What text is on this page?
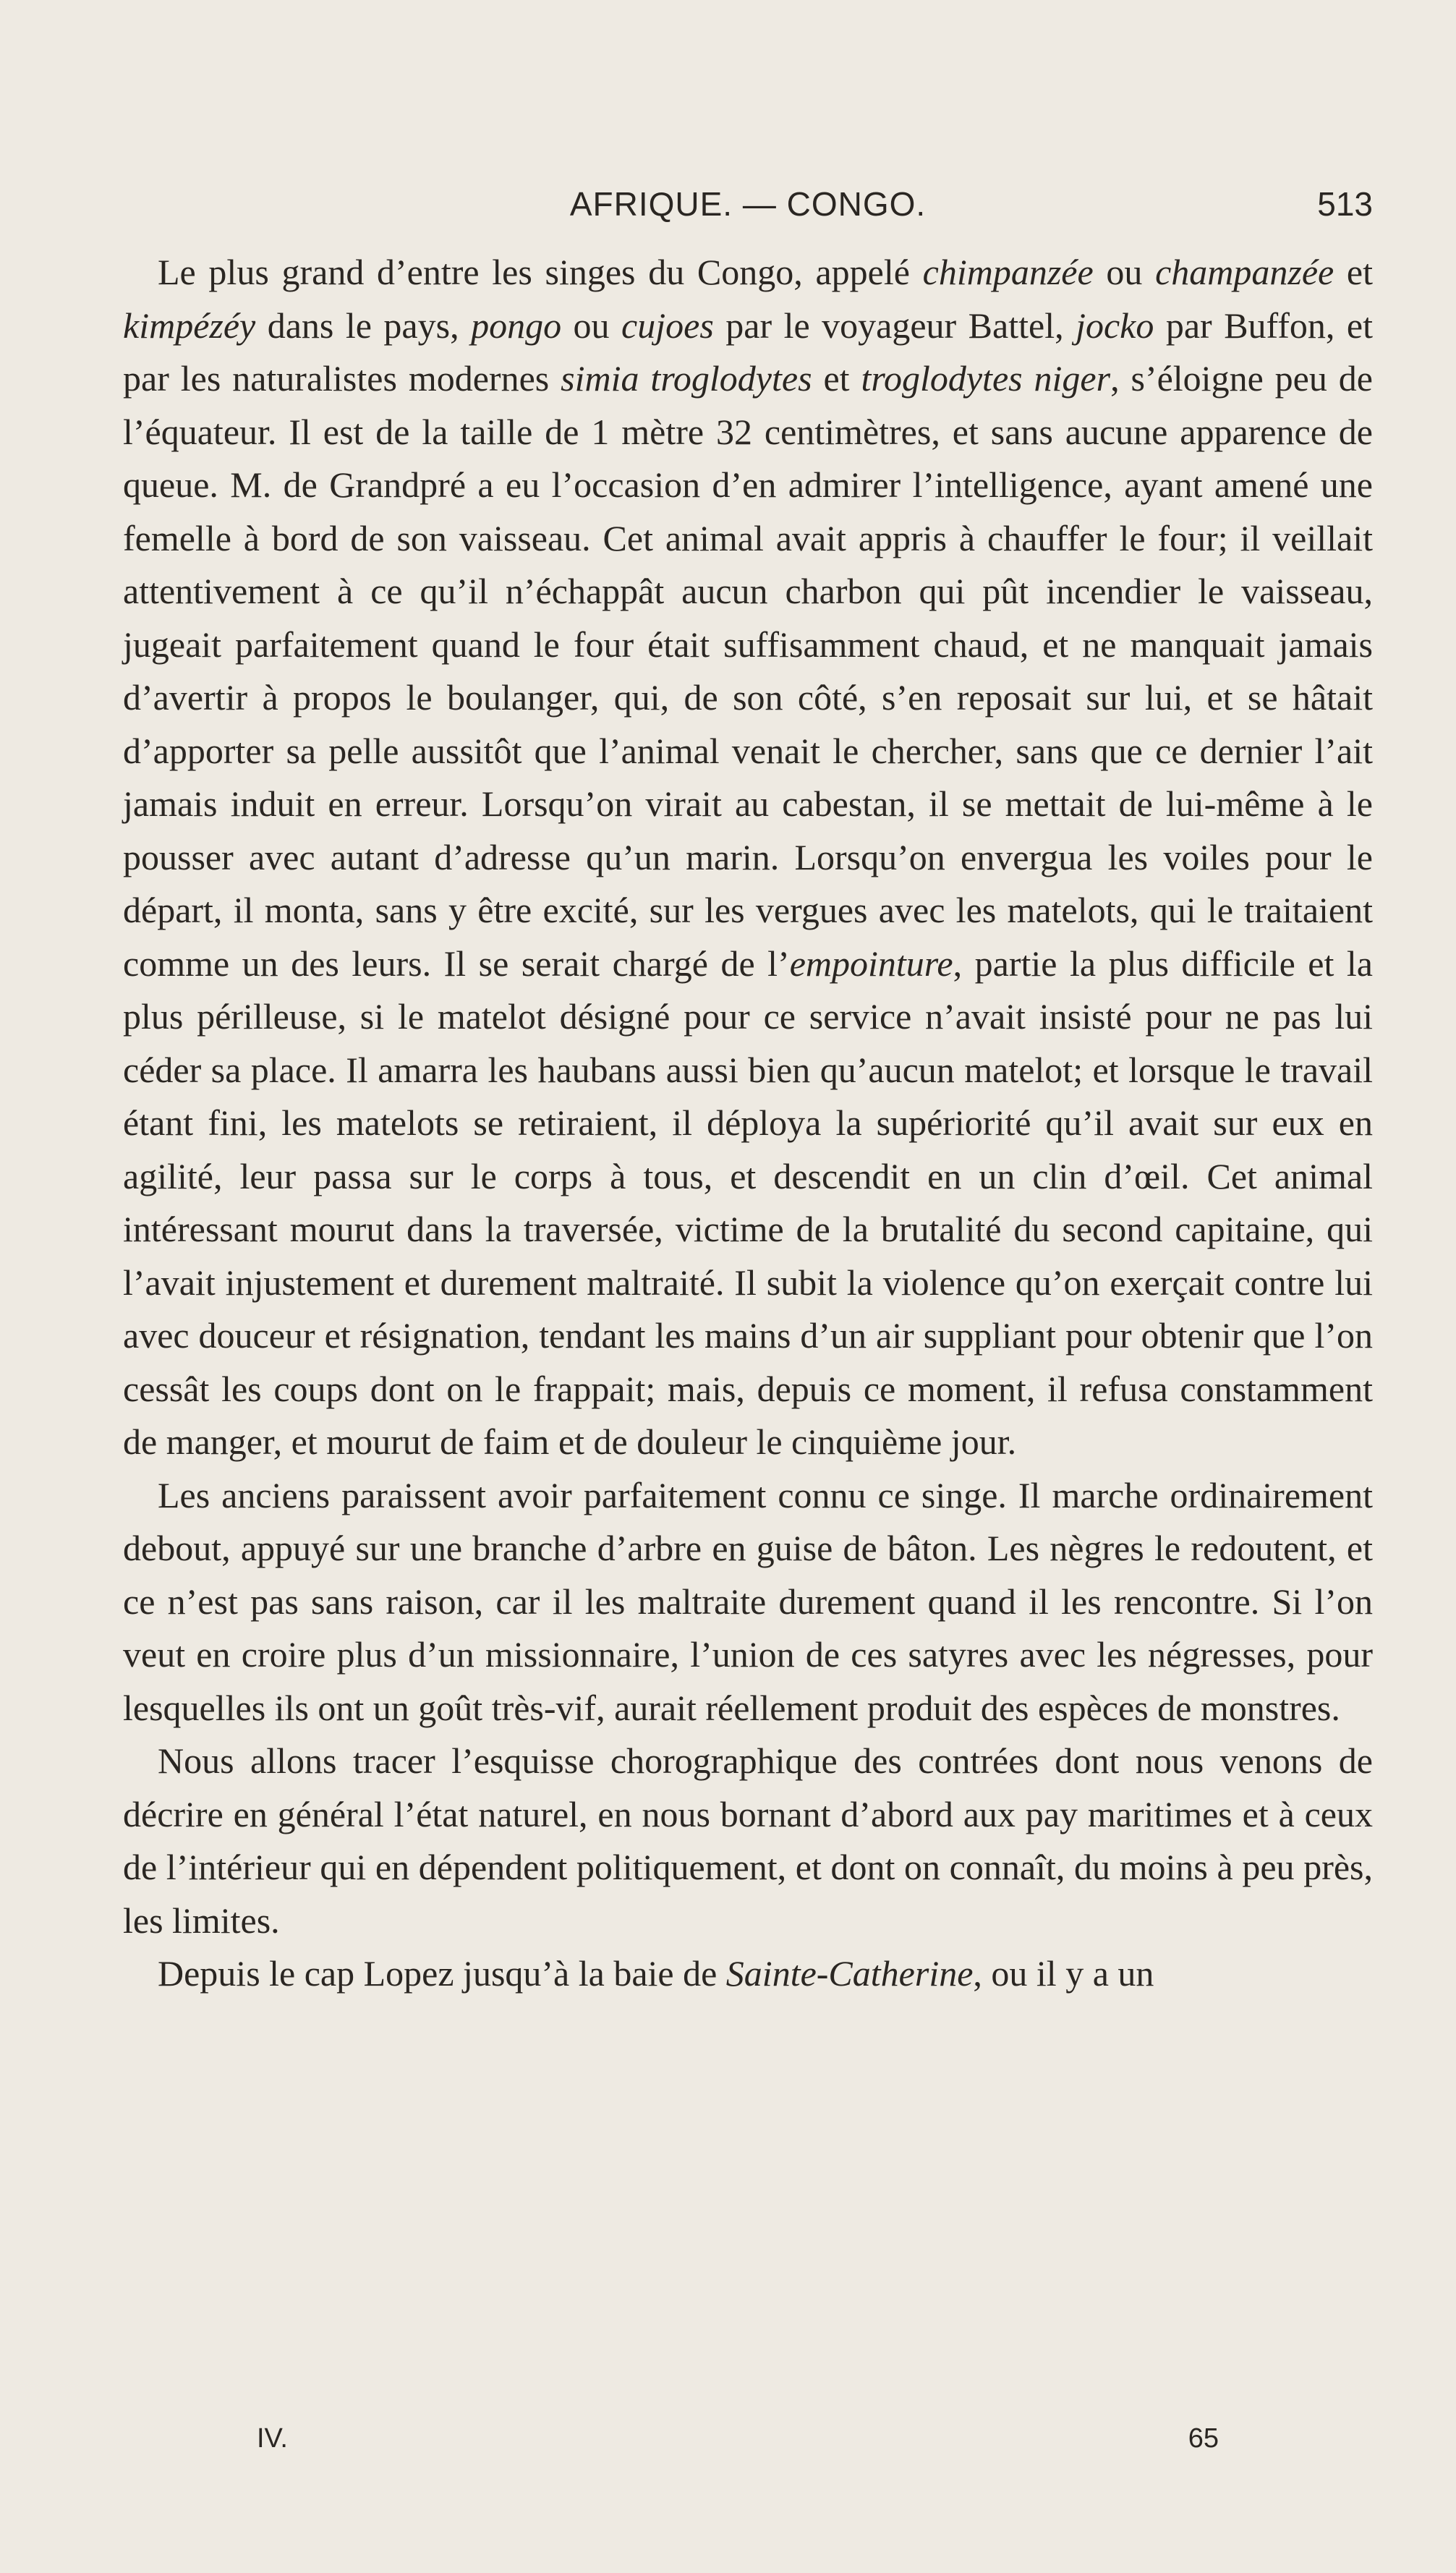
AFRIQUE. — CONGO.	513

Le plus grand d’entre les singes du Congo, appelé chimpanzée ou champanzée et kimpézéy dans le pays, pongo ou cujoes par le voyageur Battel, jocko par Buffon, et par les naturalistes modernes simia troglodytes et troglodytes niger, s’éloigne peu de l’équateur. Il est de la taille de 1 mètre 32 centimètres, et sans aucune apparence de queue. M. de Grandpré a eu l’occasion d’en admirer l’intelligence, ayant amené une femelle à bord de son vaisseau. Cet animal avait appris à chauffer le four; il veillait attentivement à ce qu’il n’échappât aucun charbon qui pût incendier le vaisseau, jugeait parfaitement quand le four était suffisamment chaud, et ne manquait jamais d’avertir à propos le boulanger, qui, de son côté, s’en reposait sur lui, et se hâtait d’apporter sa pelle aussitôt que l’animal venait le chercher, sans que ce dernier l’ait jamais induit en erreur. Lorsqu’on virait au cabestan, il se mettait de lui-même à le pousser avec autant d’adresse qu’un marin. Lorsqu’on envergua les voiles pour le départ, il monta, sans y être excité, sur les vergues avec les matelots, qui le traitaient comme un des leurs. Il se serait chargé de l’empointure, partie la plus difficile et la plus périlleuse, si le matelot désigné pour ce service n’avait insisté pour ne pas lui céder sa place. Il amarra les haubans aussi bien qu’aucun matelot; et lorsque le travail étant fini, les matelots se retiraient, il déploya la supériorité qu’il avait sur eux en agilité, leur passa sur le corps à tous, et descendit en un clin d’œil. Cet animal intéressant mourut dans la traversée, victime de la brutalité du second capitaine, qui l’avait injustement et durement maltraité. Il subit la violence qu’on exerçait contre lui avec douceur et résignation, tendant les mains d’un air suppliant pour obtenir que l’on cessât les coups dont on le frappait; mais, depuis ce moment, il refusa constamment de manger, et mourut de faim et de douleur le cinquième jour.

Les anciens paraissent avoir parfaitement connu ce singe. Il marche ordinairement debout, appuyé sur une branche d’arbre en guise de bâton. Les nègres le redoutent, et ce n’est pas sans raison, car il les maltraite durement quand il les rencontre. Si l’on veut en croire plus d’un missionnaire, l’union de ces satyres avec les négresses, pour lesquelles ils ont un goût très-vif, aurait réellement produit des espèces de monstres.

Nous allons tracer l’esquisse chorographique des contrées dont nous venons de décrire en général l’état naturel, en nous bornant d’abord aux pay maritimes et à ceux de l’intérieur qui en dépendent politiquement, et dont on connaît, du moins à peu près, les limites.

Depuis le cap Lopez jusqu’à la baie de Sainte-Catherine, ou il y a un

IV.	65
